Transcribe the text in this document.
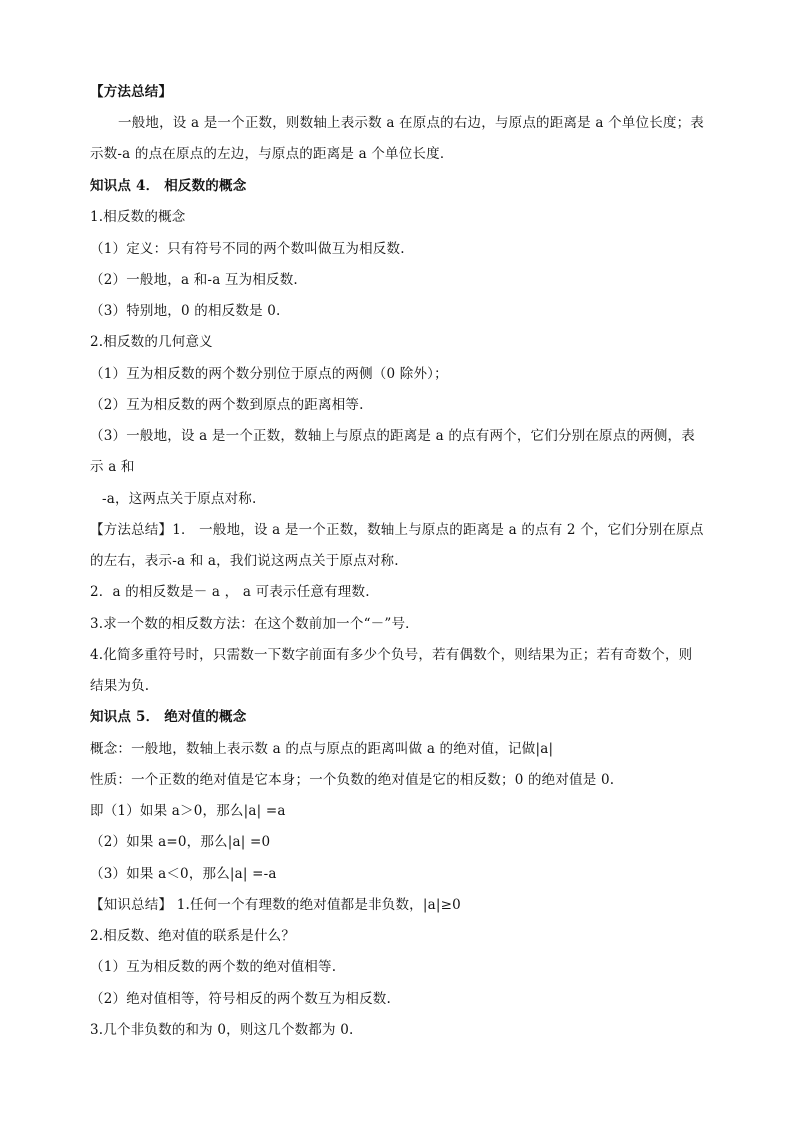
【方法总结】
一般地，设 a 是一个正数，则数轴上表示数 a 在原点的右边，与原点的距离是 a 个单位长度；表
示数-a 的点在原点的左边，与原点的距离是 a 个单位长度．
知识点 4． 相反数的概念
1.相反数的概念
（1）定义：只有符号不同的两个数叫做互为相反数.
（2）一般地，a 和-a 互为相反数.
（3）特别地，0 的相反数是 0.
2.相反数的几何意义
（1）互为相反数的两个数分别位于原点的两侧（0 除外）；
（2）互为相反数的两个数到原点的距离相等.
（3）一般地，设 a 是一个正数，数轴上与原点的距离是 a 的点有两个，它们分别在原点的两侧，表
示 a 和
-a，这两点关于原点对称.
【方法总结】1． 一般地，设 a 是一个正数，数轴上与原点的距离是 a 的点有 2 个，它们分别在原点
的左右，表示-a 和 a，我们说这两点关于原点对称.
2．a 的相反数是－ a ， a 可表示任意有理数.
3.求一个数的相反数方法：在这个数前加一个“－”号．
4.化简多重符号时，只需数一下数字前面有多少个负号，若有偶数个，则结果为正；若有奇数个，则
结果为负.
知识点 5． 绝对值的概念
概念：一般地，数轴上表示数 a 的点与原点的距离叫做 a 的绝对值，记做|a|
性质：一个正数的绝对值是它本身；一个负数的绝对值是它的相反数；0 的绝对值是 0.
即（1）如果 a＞0，那么|a| =a
（2）如果 a=0，那么|a| =0
（3）如果 a＜0，那么|a| =-a
【知识总结】 1.任何一个有理数的绝对值都是非负数，|a|≥0
2.相反数、绝对值的联系是什么？
（1）互为相反数的两个数的绝对值相等.
（2）绝对值相等，符号相反的两个数互为相反数.
3.几个非负数的和为 0，则这几个数都为 0.
